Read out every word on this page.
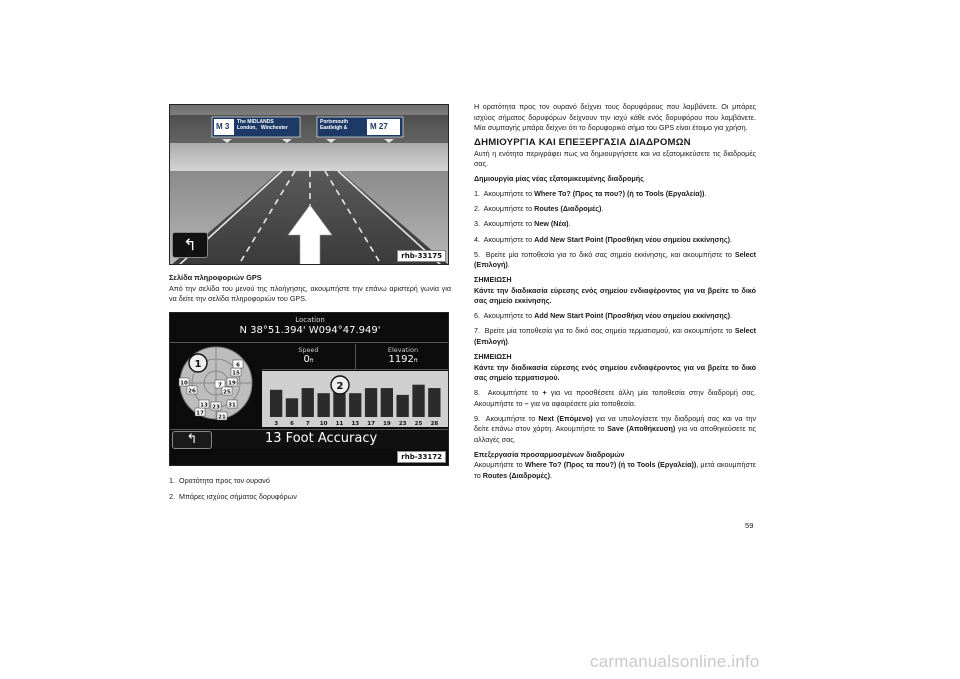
M 3 The MIDLANDS
London,   Winchester
Portsmouth
Eastleigh &	M 27
↰
rhb-33175
Σελίδα πληροφοριών GPS
Από την σελίδα του μενού της πλοήγησης, ακουμπήστε την επάνω αριστερή γωνία για να δείτε την σελίδα πληροφοριών του GPS.
Location
N 38°51.394' W094°47.949'
10
26
7
25
23 31
17
21
15
19
6
13
1
Speed
0ft
Elevation
1192ft
3 6 7 10 11 13 17 19 23 25 28
2
↰	13 Foot Accuracy
rhb-33172
1.  Ορατότητα προς τον ουρανό
2.  Μπάρες ισχύος σήματος δορυφόρων

Η ορατότητα προς τον ουρανό δείχνει τους δορυφόρους που λαμβάνετε. Οι μπάρες ισχύος σήματος δορυφόρων δείχνουν την ισχύ κάθε ενός δορυφόρου που λαμβάνετε. Μία συμπαγής μπάρα δείχνει ότι το δορυφορικό σήμα του GPS είναι έτοιμο για χρήση.

ΔΗΜΙΟΥΡΓΙΑ ΚΑΙ ΕΠΕΞΕΡΓΑΣΙΑ ΔΙΑΔΡΟΜΩΝ

Αυτή η ενότητα περιγράφει πως να δημιουργήσετε και να εξατομικεύσετε τις διαδρομές σας.

Δημιουργία μίας νέας εξατομικευμένης διαδρομής

1.  Ακουμπήστε το Where To? (Προς τα που?) (ή το Tools (Εργαλεία)).

2.  Ακουμπήστε το Routes (Διαδρομές).

3.  Ακουμπήστε το New (Νέα).

4.  Ακουμπήστε το Add New Start Point (Προσθήκη νέου σημείου εκκίνησης).

5.  Βρείτε μία τοποθεσία για το δικό σας σημείο εκκίνησης, και ακουμπήστε το Select (Επιλογή).

ΣΗΜΕΙΩΣΗ

Κάντε την διαδικασία εύρεσης ενός σημείου ενδιαφέροντος για να βρείτε το δικό σας σημείο εκκίνησης.

6.  Ακουμπήστε το Add New Start Point (Προσθήκη νέου σημείου εκκίνησης).

7.  Βρείτε μία τοποθεσία για το δικό σας σημείο τερματισμού, και ακουμπήστε το Select (Επιλογή).

ΣΗΜΕΙΩΣΗ

Κάντε την διαδικασία εύρεσης ενός σημείου ενδιαφέροντος για να βρείτε το δικό σας σημείο τερματισμού.

8.  Ακουμπήστε το + για να προσθέσετε άλλη μία τοποθεσία στην διαδρομή σας. Ακουμπήστε το – για να αφαιρέσετε μία τοποθεσία.

9.  Ακουμπήστε το Next (Επόμενο) για να υπολογίσετε την διαδρομή σας και να την δείτε επάνω στον χάρτη. Ακουμπήστε το Save (Αποθήκευση) για να αποθηκεύσετε τις αλλαγές σας.

Επεξεργασία προσαρμοσμένων διαδρομών

Ακουμπήστε το Where To? (Προς τα που?) (ή το Tools (Εργαλεία)), μετά ακουμπήστε το Routes (Διαδρομές).

59
carmanualsonline.info
